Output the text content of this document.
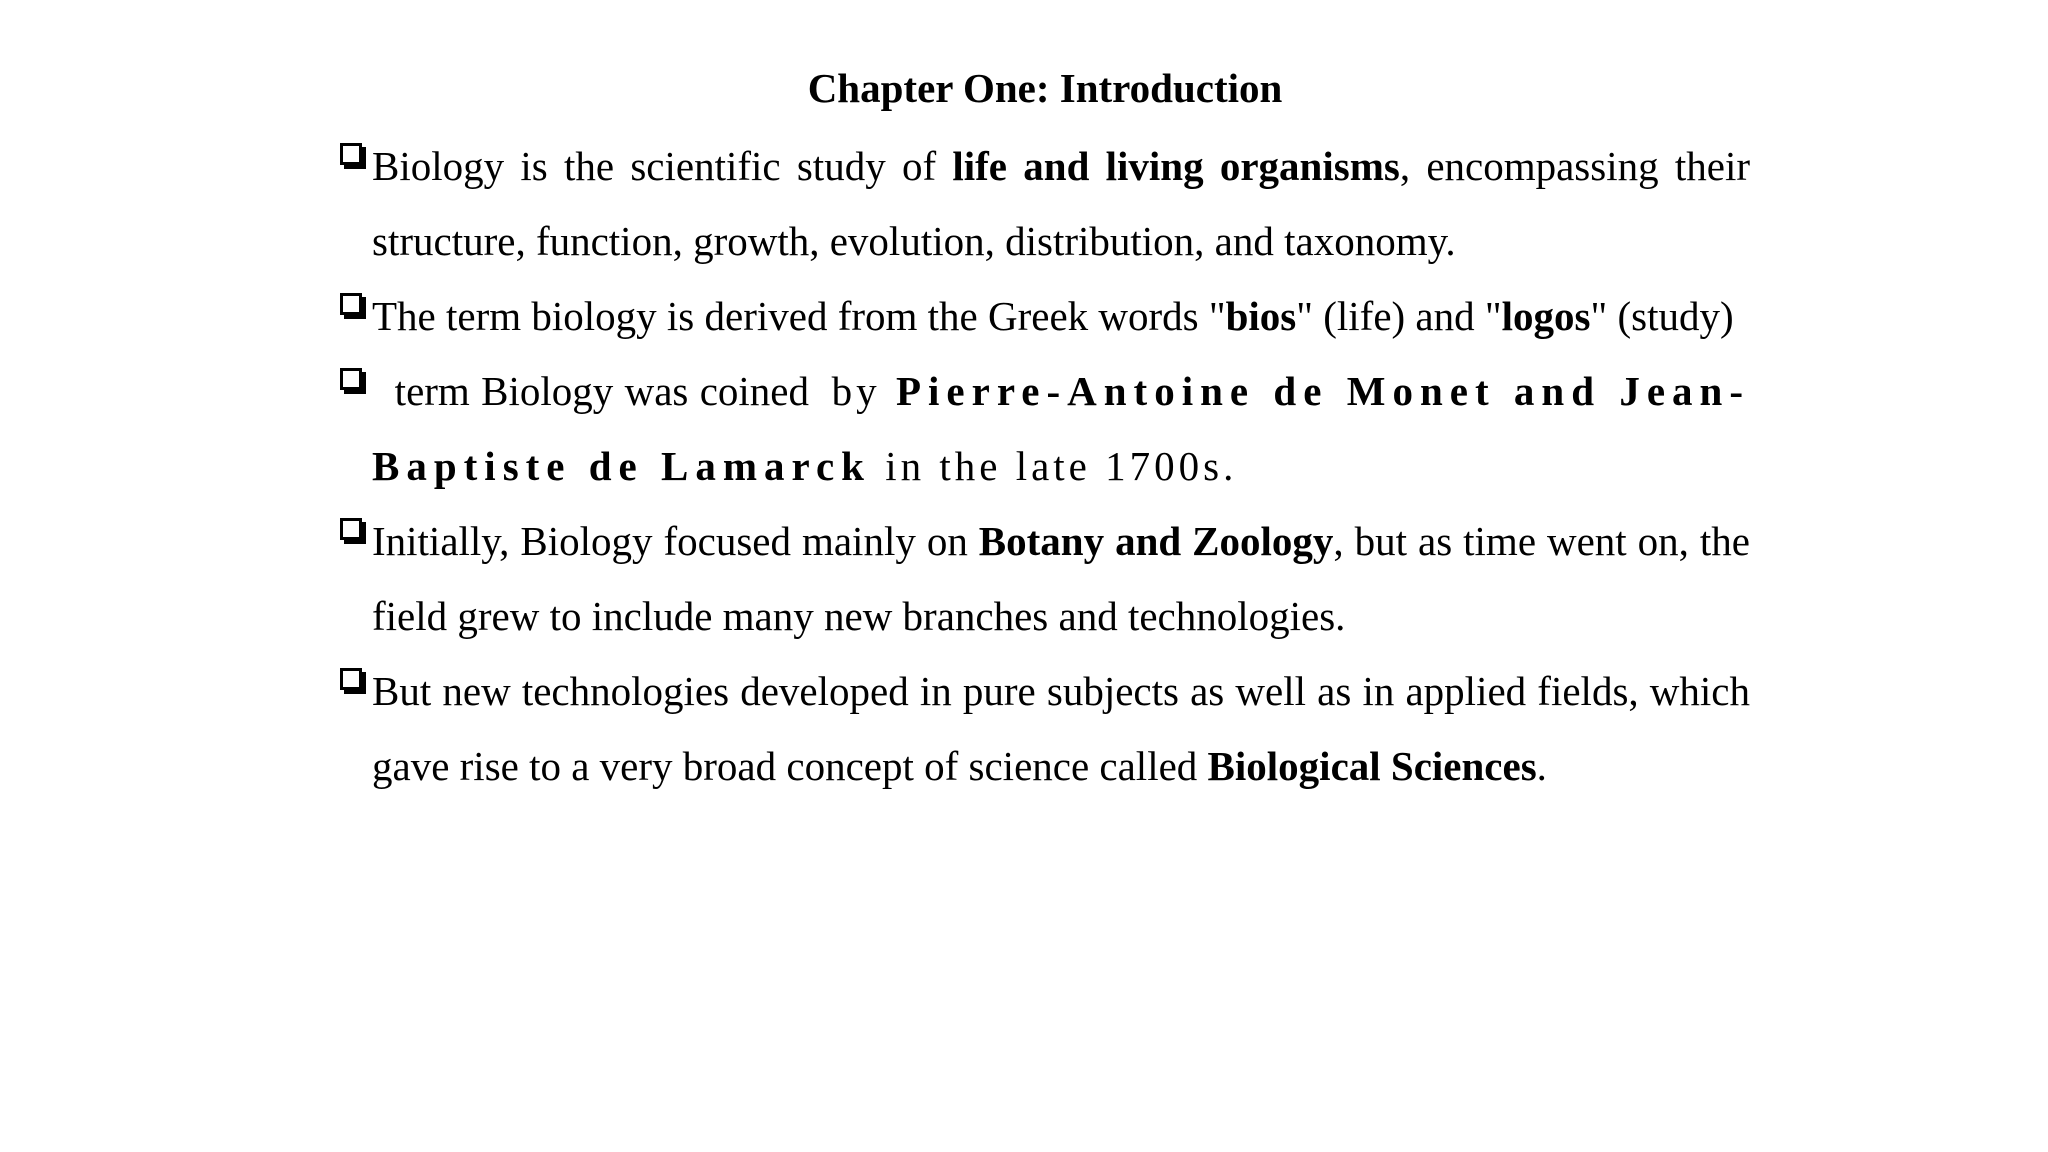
Chapter One: Introduction
Biology is the scientific study of life and living organisms, encompassing their structure, function, growth, evolution, distribution, and taxonomy.
The term biology is derived from the Greek words "bios" (life) and "logos" (study)
term Biology was coined  by Pierre-Antoine de Monet and Jean-Baptiste de Lamarck in the late 1700s.
Initially, Biology focused mainly on Botany and Zoology, but as time went on, the field grew to include many new branches and technologies.
But new technologies developed in pure subjects as well as in applied fields, which gave rise to a very broad concept of science called Biological Sciences.
